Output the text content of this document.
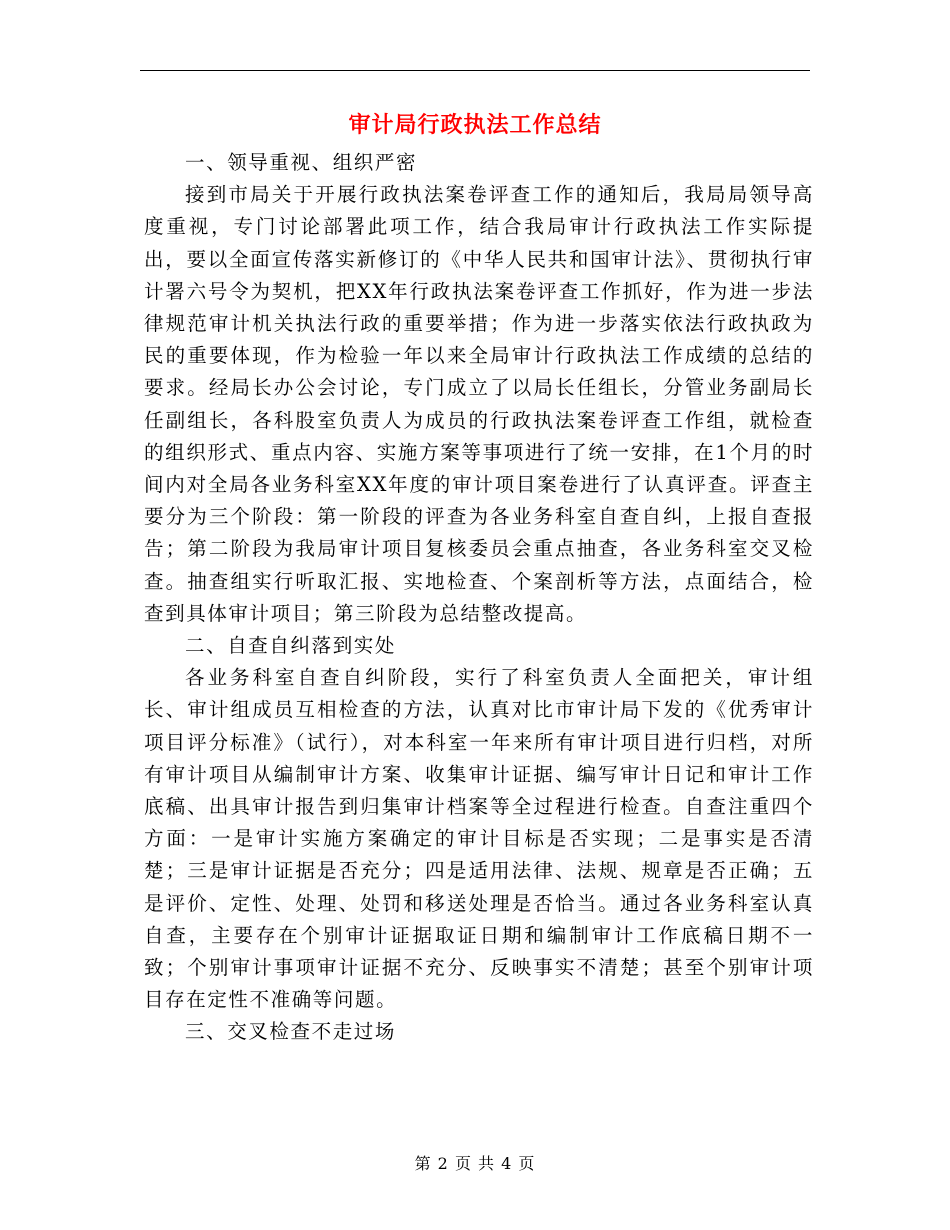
审计局行政执法工作总结

一、领导重视、组织严密

接到市局关于开展行政执法案卷评查工作的通知后，我局局领导高度重视，专门讨论部署此项工作，结合我局审计行政执法工作实际提出，要以全面宣传落实新修订的《中华人民共和国审计法》、贯彻执行审计署六号令为契机，把XX年行政执法案卷评查工作抓好，作为进一步法律规范审计机关执法行政的重要举措；作为进一步落实依法行政执政为民的重要体现，作为检验一年以来全局审计行政执法工作成绩的总结的要求。经局长办公会讨论，专门成立了以局长任组长，分管业务副局长任副组长，各科股室负责人为成员的行政执法案卷评查工作组，就检查的组织形式、重点内容、实施方案等事项进行了统一安排，在1个月的时间内对全局各业务科室XX年度的审计项目案卷进行了认真评查。评查主要分为三个阶段：第一阶段的评查为各业务科室自查自纠，上报自查报告；第二阶段为我局审计项目复核委员会重点抽查，各业务科室交叉检查。抽查组实行听取汇报、实地检查、个案剖析等方法，点面结合，检查到具体审计项目；第三阶段为总结整改提高。

二、自查自纠落到实处

各业务科室自查自纠阶段，实行了科室负责人全面把关，审计组长、审计组成员互相检查的方法，认真对比市审计局下发的《优秀审计项目评分标准》（试行），对本科室一年来所有审计项目进行归档，对所有审计项目从编制审计方案、收集审计证据、编写审计日记和审计工作底稿、出具审计报告到归集审计档案等全过程进行检查。自查注重四个方面：一是审计实施方案确定的审计目标是否实现；二是事实是否清楚；三是审计证据是否充分；四是适用法律、法规、规章是否正确；五是评价、定性、处理、处罚和移送处理是否恰当。通过各业务科室认真自查，主要存在个别审计证据取证日期和编制审计工作底稿日期不一致；个别审计事项审计证据不充分、反映事实不清楚；甚至个别审计项目存在定性不准确等问题。

三、交叉检查不走过场

第 2 页 共 4 页
